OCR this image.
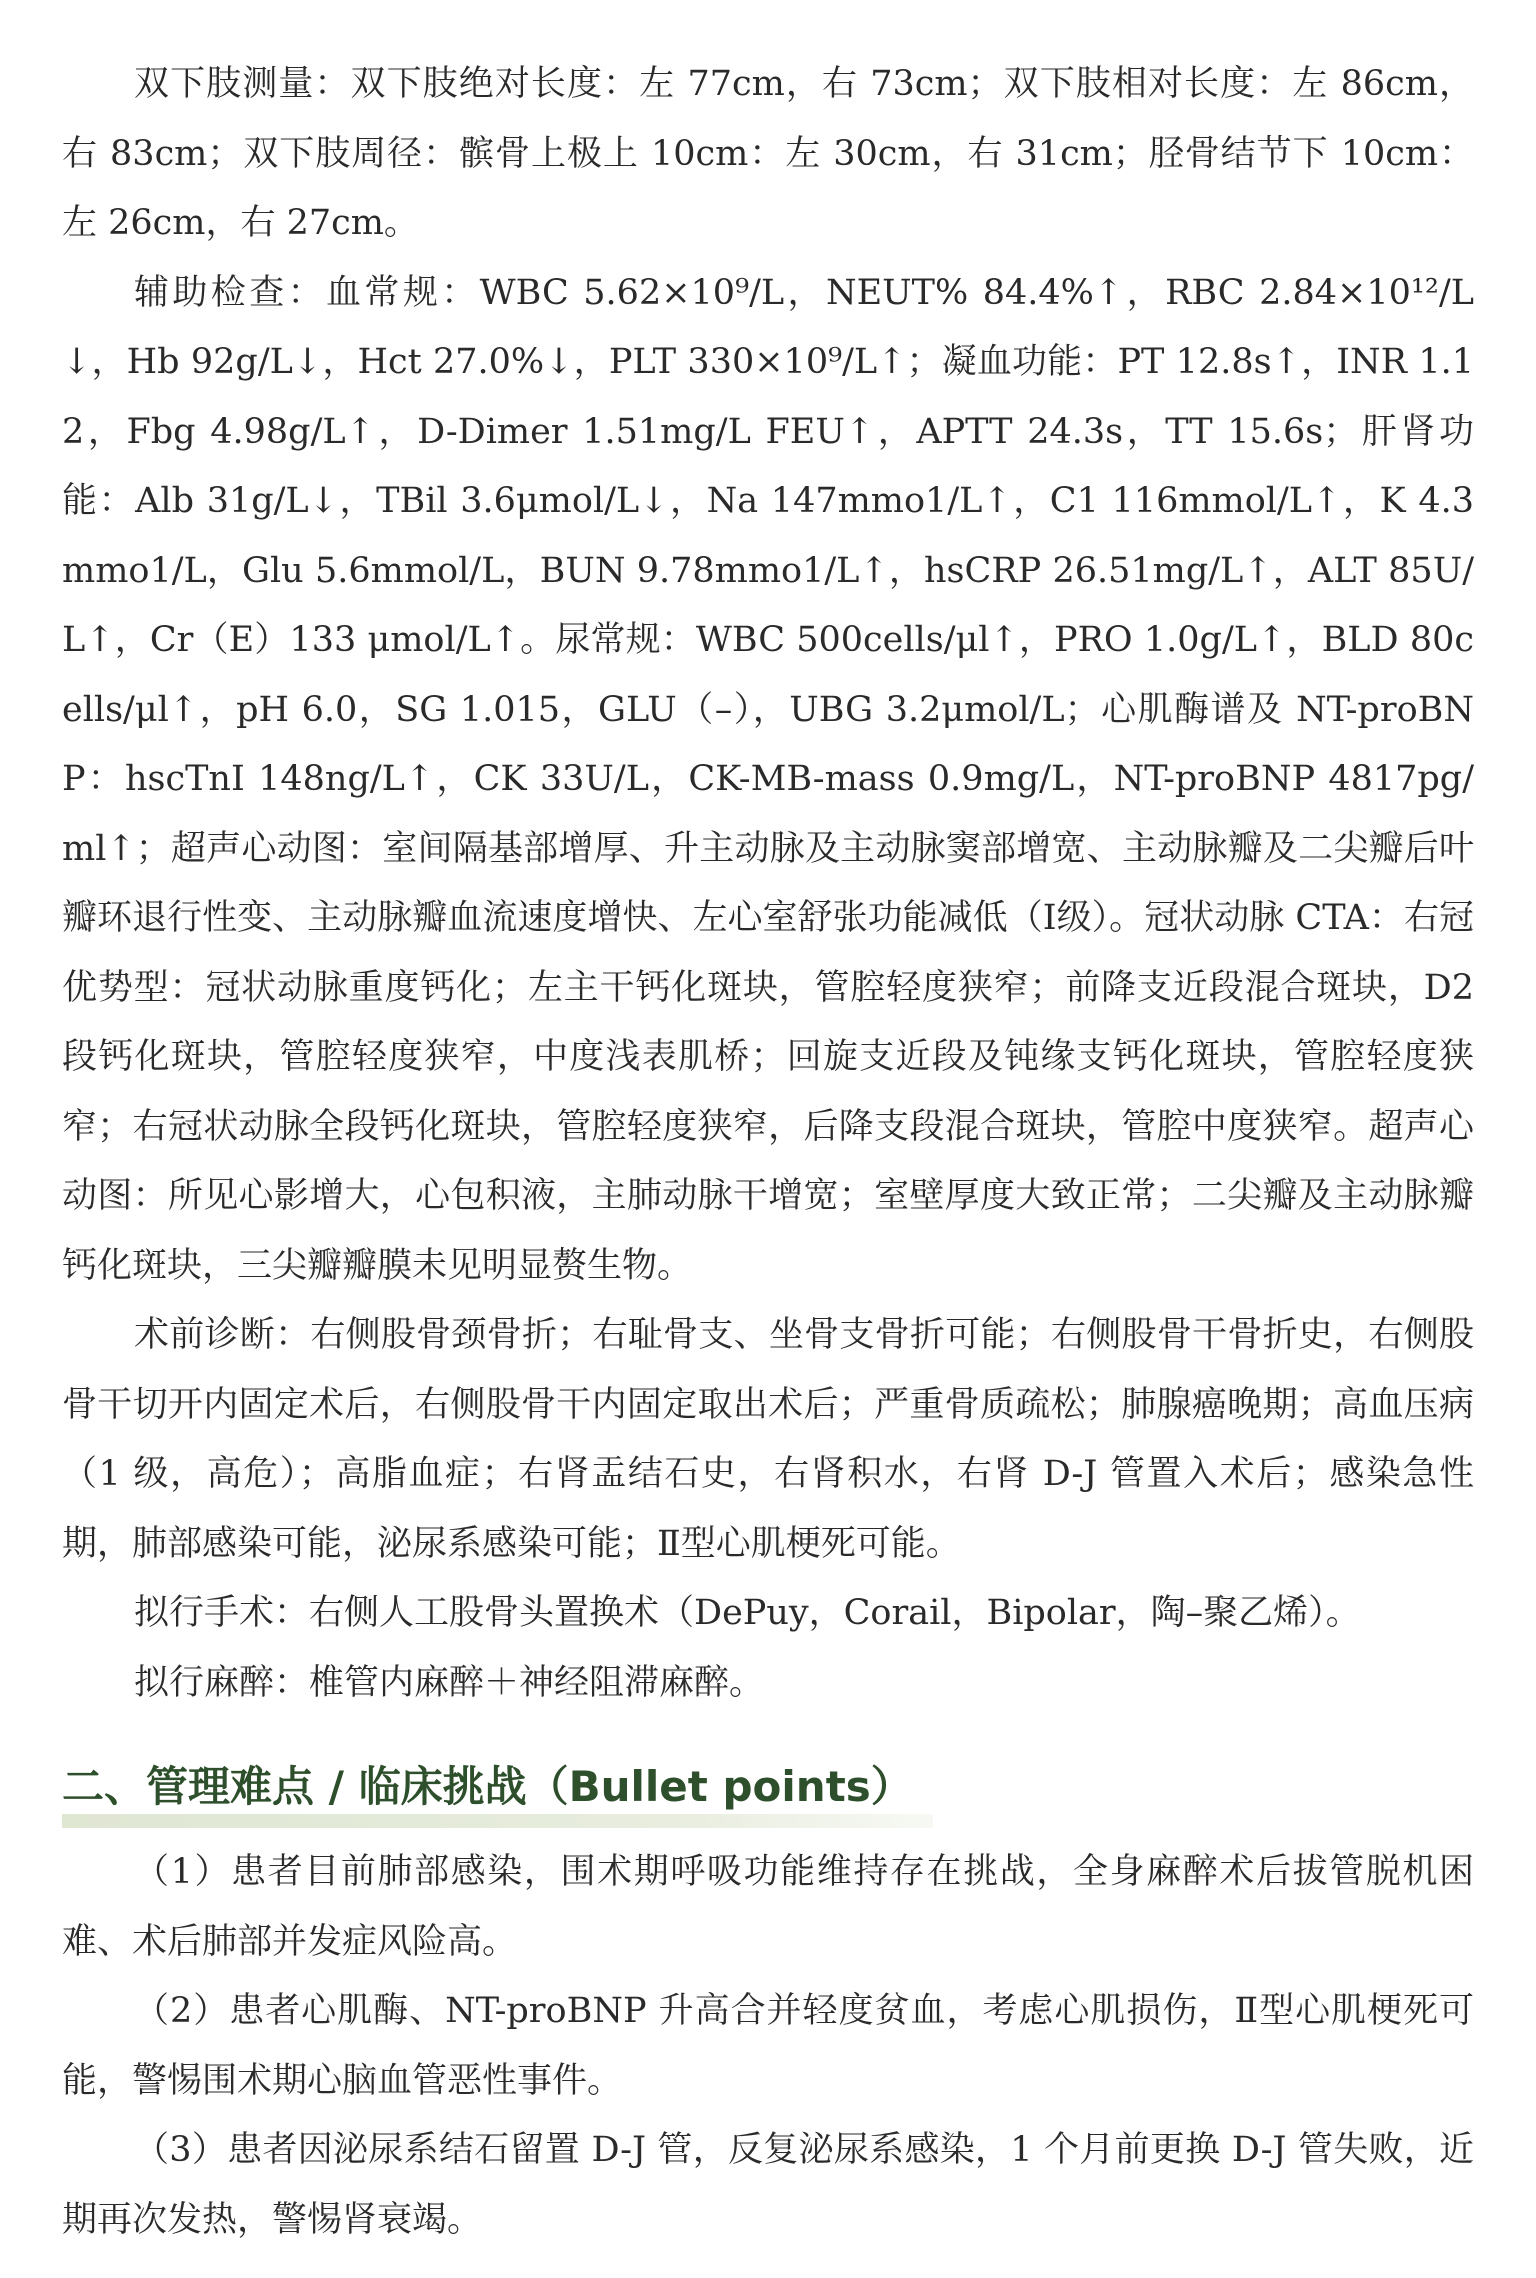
双下肢测量：双下肢绝对长度：左 77cm，右 73cm；双下肢相对长度：左 86cm，右 83cm；双下肢周径：髌骨上极上 10cm：左 30cm，右 31cm；胫骨结节下 10cm：左 26cm，右 27cm。

辅助检查：血常规：WBC 5.62×10⁹/L，NEUT% 84.4%↑，RBC 2.84×10¹²/L↓，Hb 92g/L↓，Hct 27.0%↓，PLT 330×10⁹/L↑；凝血功能：PT 12.8s↑，INR 1.12，Fbg 4.98g/L↑，D-Dimer 1.51mg/L FEU↑，APTT 24.3s，TT 15.6s；肝肾功能：Alb 31g/L↓，TBil 3.6μmol/L↓，Na 147mmo1/L↑，C1 116mmol/L↑，K 4.3mmo1/L，Glu 5.6mmol/L，BUN 9.78mmo1/L↑，hsCRP 26.51mg/L↑，ALT 85U/L↑，Cr（E）133 μmol/L↑。尿常规：WBC 500cells/μl↑，PRO 1.0g/L↑，BLD 80cells/μl↑，pH 6.0，SG 1.015，GLU（–），UBG 3.2μmol/L；心肌酶谱及 NT-proBNP：hscTnI 148ng/L↑，CK 33U/L，CK-MB-mass 0.9mg/L，NT-proBNP 4817pg/ml↑；超声心动图：室间隔基部增厚、升主动脉及主动脉窦部增宽、主动脉瓣及二尖瓣后叶瓣环退行性变、主动脉瓣血流速度增快、左心室舒张功能减低（Ⅰ级）。冠状动脉 CTA：右冠优势型：冠状动脉重度钙化；左主干钙化斑块，管腔轻度狭窄；前降支近段混合斑块，D2 段钙化斑块，管腔轻度狭窄，中度浅表肌桥；回旋支近段及钝缘支钙化斑块，管腔轻度狭窄；右冠状动脉全段钙化斑块，管腔轻度狭窄，后降支段混合斑块，管腔中度狭窄。超声心动图：所见心影增大，心包积液，主肺动脉干增宽；室壁厚度大致正常；二尖瓣及主动脉瓣钙化斑块，三尖瓣瓣膜未见明显赘生物。

术前诊断：右侧股骨颈骨折；右耻骨支、坐骨支骨折可能；右侧股骨干骨折史，右侧股骨干切开内固定术后，右侧股骨干内固定取出术后；严重骨质疏松；肺腺癌晚期；高血压病（1 级，高危）；高脂血症；右肾盂结石史，右肾积水，右肾 D-J 管置入术后；感染急性期，肺部感染可能，泌尿系感染可能；Ⅱ型心肌梗死可能。

拟行手术：右侧人工股骨头置换术（DePuy，Corail，Bipolar，陶–聚乙烯）。

拟行麻醉：椎管内麻醉＋神经阻滞麻醉。

二、管理难点 / 临床挑战（Bullet points）

（1）患者目前肺部感染，围术期呼吸功能维持存在挑战，全身麻醉术后拔管脱机困难、术后肺部并发症风险高。

（2）患者心肌酶、NT-proBNP 升高合并轻度贫血，考虑心肌损伤，Ⅱ型心肌梗死可能，警惕围术期心脑血管恶性事件。

（3）患者因泌尿系结石留置 D-J 管，反复泌尿系感染，1 个月前更换 D-J 管失败，近期再次发热，警惕肾衰竭。
